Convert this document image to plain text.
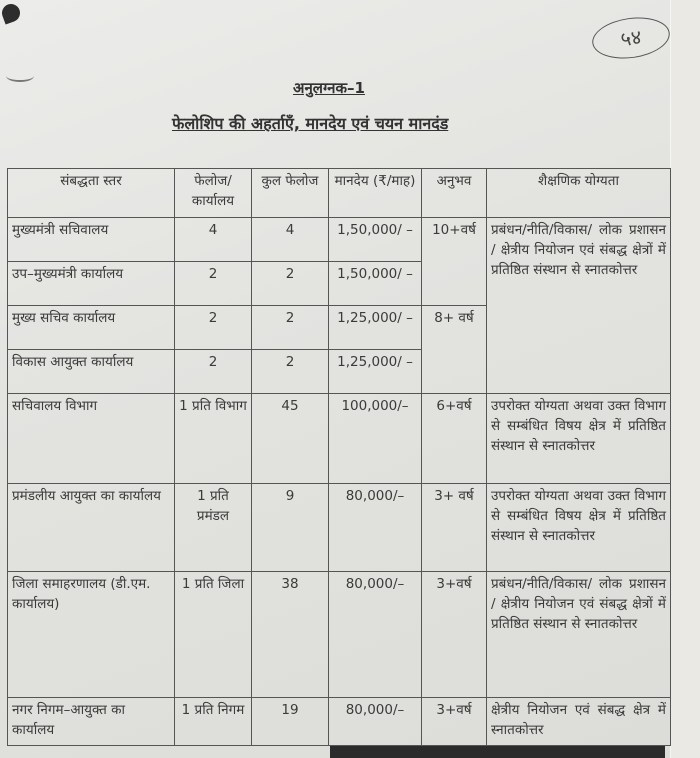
५४
अनुलग्नक–1
फेलोशिप की अहर्ताएँ, मानदेय एवं चयन मानदंड
संबद्धता स्तर	फेलोज/ कार्यालय	कुल फेलोज	मानदेय (₹/माह)	अनुभव	शैक्षणिक योग्यता
मुख्यमंत्री सचिवालय	4	4	1,50,000/ –	10+वर्ष	प्रबंधन/नीति/विकास/ लोक प्रशासन / क्षेत्रीय नियोजन एवं संबद्ध क्षेत्रों में प्रतिष्ठित संस्थान से स्नातकोत्तर
उप–मुख्यमंत्री कार्यालय	2	2	1,50,000/ –		
मुख्य सचिव कार्यालय	2	2	1,25,000/ –	8+ वर्ष	
विकास आयुक्त कार्यालय	2	2	1,25,000/ –		
सचिवालय विभाग	1 प्रति विभाग	45	100,000/–	6+वर्ष	उपरोक्त योग्यता अथवा उक्त विभाग से सम्बंधित विषय क्षेत्र में प्रतिष्ठित संस्थान से स्नातकोत्तर
प्रमंडलीय आयुक्त का कार्यालय	1 प्रति प्रमंडल	9	80,000/–	3+ वर्ष	उपरोक्त योग्यता अथवा उक्त विभाग से सम्बंधित विषय क्षेत्र में प्रतिष्ठित संस्थान से स्नातकोत्तर
जिला समाहरणालय (डी.एम. कार्यालय)	1 प्रति जिला	38	80,000/–	3+वर्ष	प्रबंधन/नीति/विकास/ लोक प्रशासन / क्षेत्रीय नियोजन एवं संबद्ध क्षेत्रों में प्रतिष्ठित संस्थान से स्नातकोत्तर
नगर निगम–आयुक्त का कार्यालय	1 प्रति निगम	19	80,000/–	3+वर्ष	क्षेत्रीय नियोजन एवं संबद्ध क्षेत्र में स्नातकोत्तर
